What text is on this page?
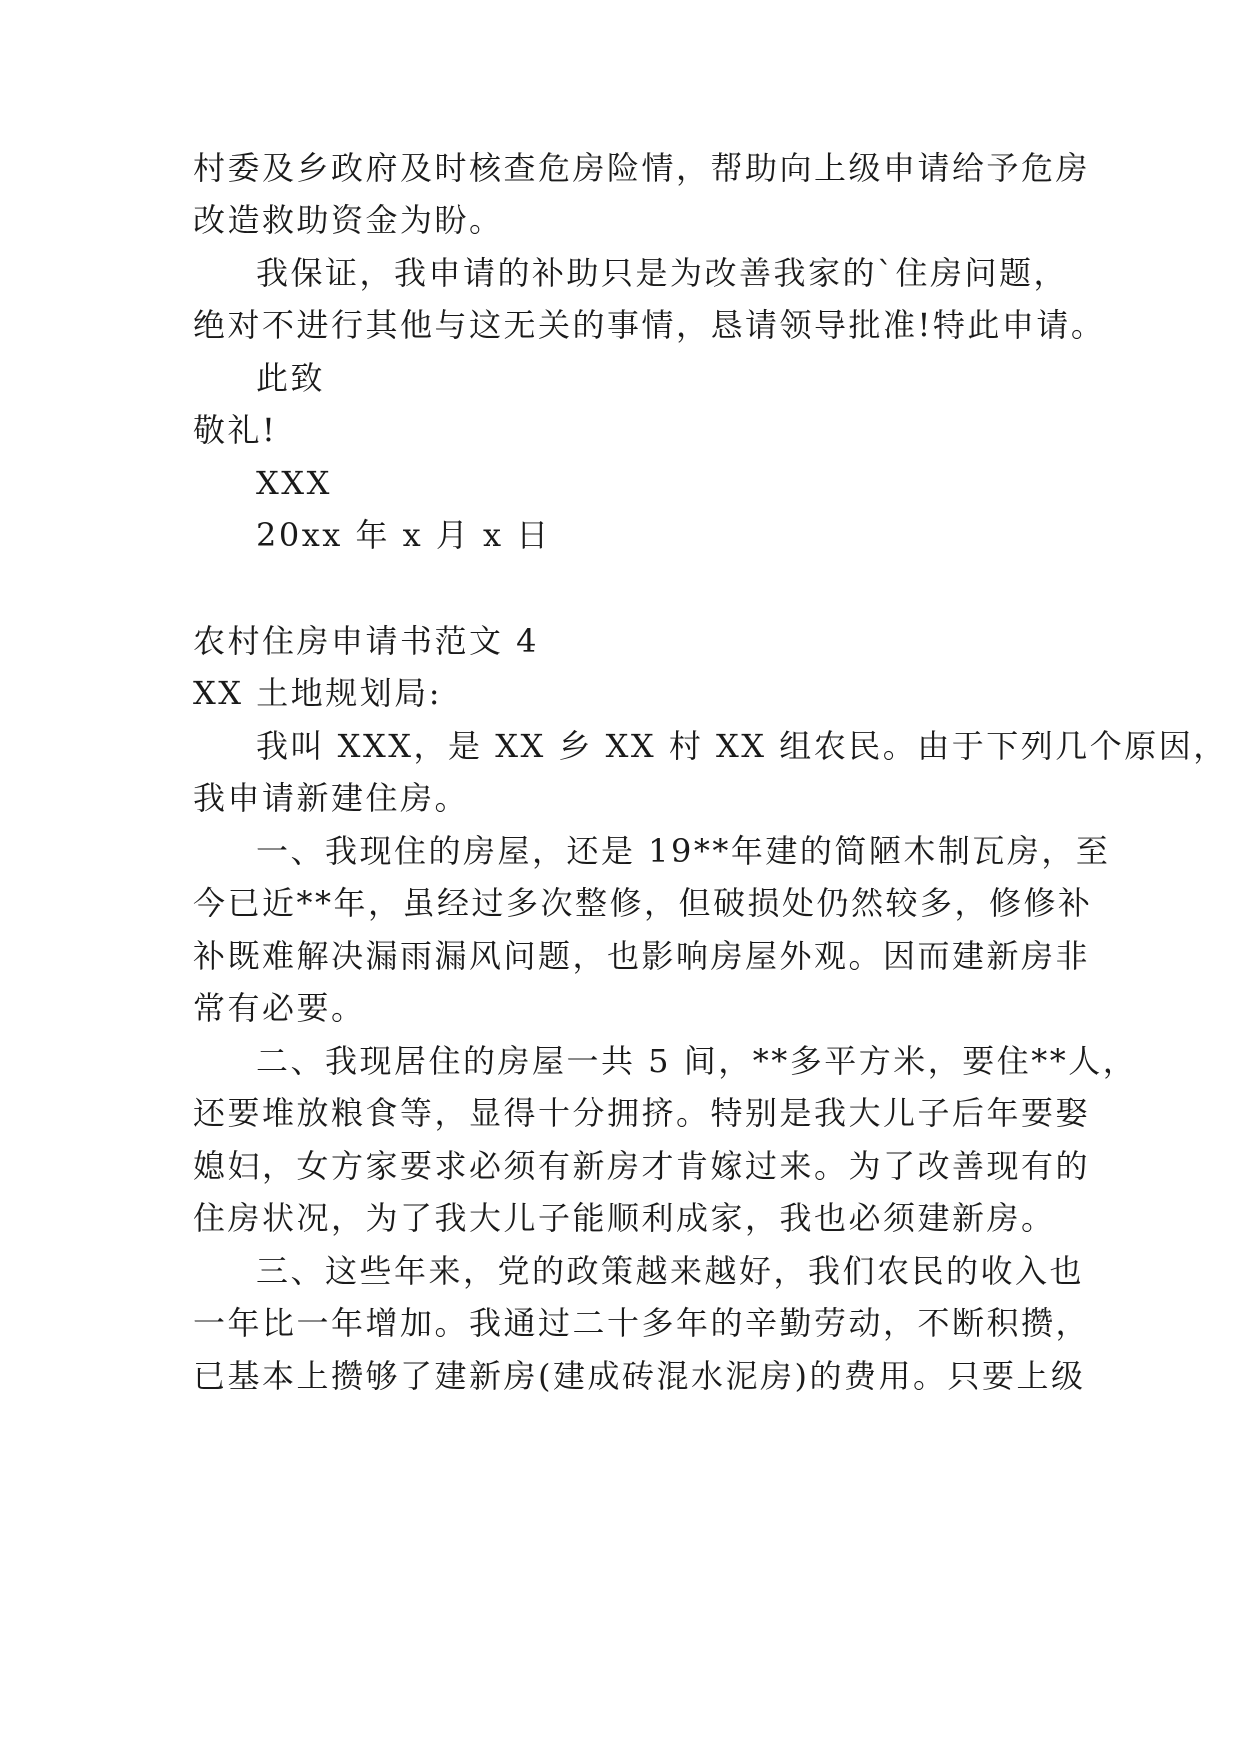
村委及乡政府及时核查危房险情，帮助向上级申请给予危房
改造救助资金为盼。
我保证，我申请的补助只是为改善我家的`住房问题，
绝对不进行其他与这无关的事情，恳请领导批准!特此申请。
此致
敬礼!
XXX
20xx 年 x 月 x 日
农村住房申请书范文 4
XX 土地规划局:
我叫 XXX，是 XX 乡 XX 村 XX 组农民。由于下列几个原因，
我申请新建住房。
一、我现住的房屋，还是 19**年建的简陋木制瓦房，至
今已近**年，虽经过多次整修，但破损处仍然较多，修修补
补既难解决漏雨漏风问题，也影响房屋外观。因而建新房非
常有必要。
二、我现居住的房屋一共 5 间，**多平方米，要住**人，
还要堆放粮食等，显得十分拥挤。特别是我大儿子后年要娶
媳妇，女方家要求必须有新房才肯嫁过来。为了改善现有的
住房状况，为了我大儿子能顺利成家，我也必须建新房。
三、这些年来，党的政策越来越好，我们农民的收入也
一年比一年增加。我通过二十多年的辛勤劳动，不断积攒，
已基本上攒够了建新房(建成砖混水泥房)的费用。只要上级
